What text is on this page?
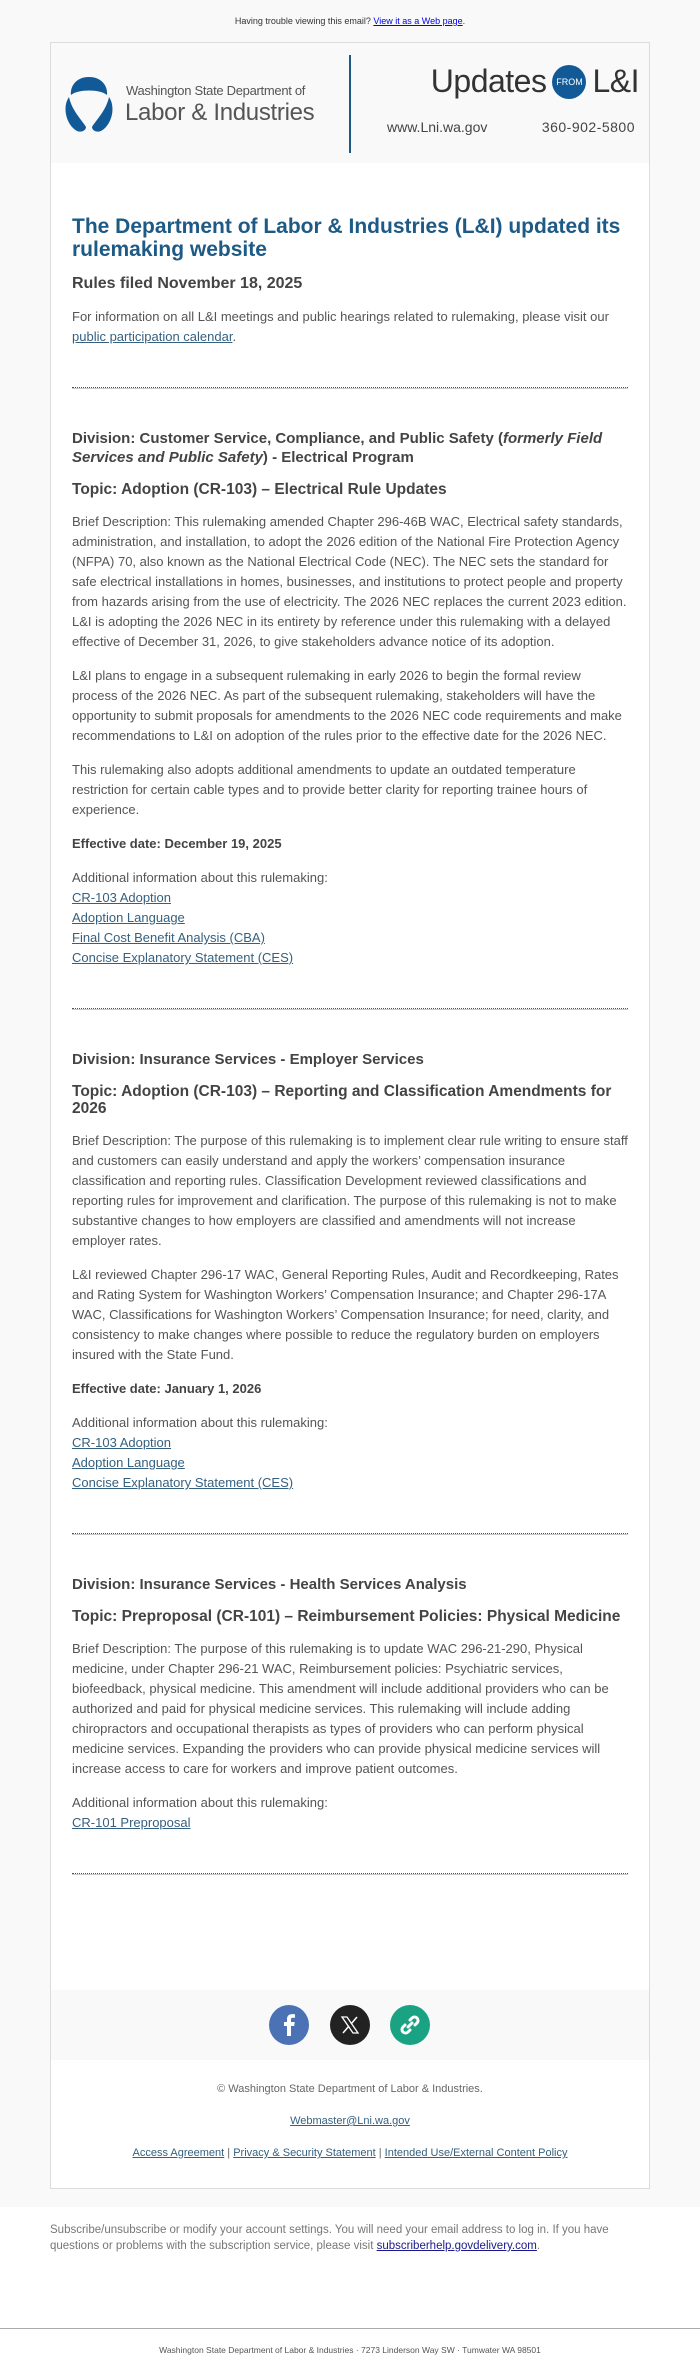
Having trouble viewing this email? View it as a Web page.
Washington State Department of
Labor & Industries
Updates	FROM L&I
www.Lni.wa.gov	360-902-5800
The Department of Labor & Industries (L&I) updated its rulemaking website
Rules filed November 18, 2025

For information on all L&I meetings and public hearings related to rulemaking, please visit our public participation calendar.

Division: Customer Service, Compliance, and Public Safety (formerly Field Services and Public Safety) - Electrical Program
Topic: Adoption (CR-103) – Electrical Rule Updates

Brief Description: This rulemaking amended Chapter 296-46B WAC, Electrical safety standards, administration, and installation, to adopt the 2026 edition of the National Fire Protection Agency (NFPA) 70, also known as the National Electrical Code (NEC). The NEC sets the standard for safe electrical installations in homes, businesses, and institutions to protect people and property from hazards arising from the use of electricity. The 2026 NEC replaces the current 2023 edition. L&I is adopting the 2026 NEC in its entirety by reference under this rulemaking with a delayed effective of December 31, 2026, to give stakeholders advance notice of its adoption.

L&I plans to engage in a subsequent rulemaking in early 2026 to begin the formal review process of the 2026 NEC. As part of the subsequent rulemaking, stakeholders will have the opportunity to submit proposals for amendments to the 2026 NEC code requirements and make recommendations to L&I on adoption of the rules prior to the effective date for the 2026 NEC.

This rulemaking also adopts additional amendments to update an outdated temperature restriction for certain cable types and to provide better clarity for reporting trainee hours of experience.

Effective date: December 19, 2025

Additional information about this rulemaking:

CR-103 Adoption
Adoption Language
Final Cost Benefit Analysis (CBA)
Concise Explanatory Statement (CES)
Division: Insurance Services - Employer Services
Topic: Adoption (CR-103) – Reporting and Classification Amendments for 2026

Brief Description: The purpose of this rulemaking is to implement clear rule writing to ensure staff and customers can easily understand and apply the workers’ compensation insurance classification and reporting rules. Classification Development reviewed classifications and reporting rules for improvement and clarification. The purpose of this rulemaking is not to make substantive changes to how employers are classified and amendments will not increase employer rates.

L&I reviewed Chapter 296-17 WAC, General Reporting Rules, Audit and Recordkeeping, Rates and Rating System for Washington Workers’ Compensation Insurance; and Chapter 296-17A WAC, Classifications for Washington Workers’ Compensation Insurance; for need, clarity, and consistency to make changes where possible to reduce the regulatory burden on employers insured with the State Fund.

Effective date: January 1, 2026

Additional information about this rulemaking:

CR-103 Adoption
Adoption Language
Concise Explanatory Statement (CES)
Division: Insurance Services - Health Services Analysis
Topic: Preproposal (CR-101) – Reimbursement Policies: Physical Medicine

Brief Description: The purpose of this rulemaking is to update WAC 296-21-290, Physical medicine, under Chapter 296-21 WAC, Reimbursement policies: Psychiatric services, biofeedback, physical medicine. This amendment will include additional providers who can be authorized and paid for physical medicine services. This rulemaking will include adding chiropractors and occupational therapists as types of providers who can perform physical medicine services. Expanding the providers who can provide physical medicine services will increase access to care for workers and improve patient outcomes.

Additional information about this rulemaking:

CR-101 Preproposal
© Washington State Department of Labor & Industries.
Webmaster@Lni.wa.gov
Access Agreement | Privacy & Security Statement | Intended Use/External Content Policy
Subscribe/unsubscribe or modify your account settings. You will need your email address to log in. If you have questions or problems with the subscription service, please visit subscriberhelp.govdelivery.com.
Washington State Department of Labor & Industries · 7273 Linderson Way SW · Tumwater WA 98501
